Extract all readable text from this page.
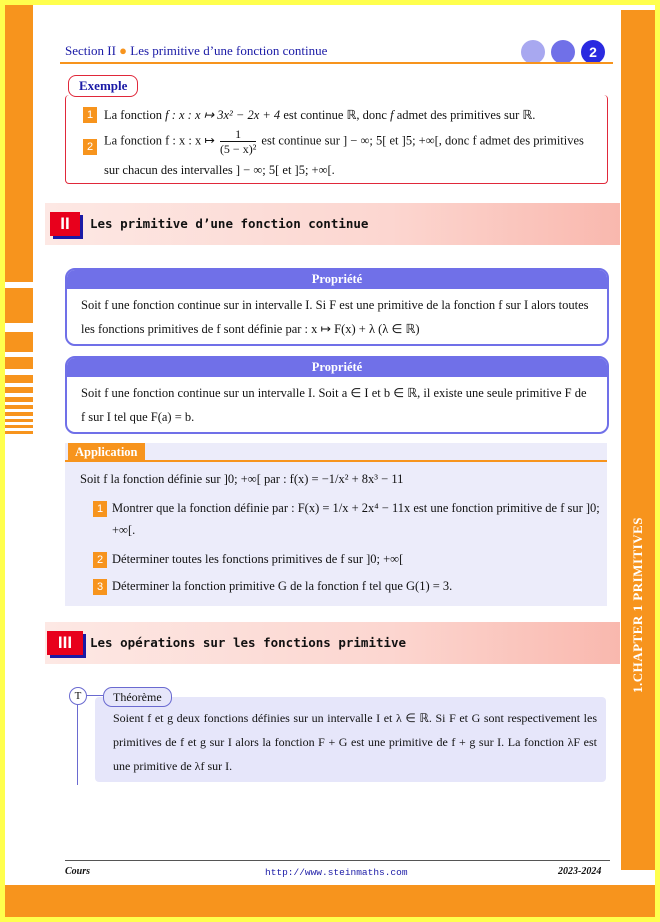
1.CHAPTER 1 PRIMITIVES
Section II ● Les primitive d’une fonction continue	2
Exemple
1 La fonction f : x : x ↦ 3x² − 2x + 4 est continue ℝ, donc f admet des primitives sur ℝ.
2 La fonction f : x : x ↦ $\frac{1}{\text{(5 − x)²}}$ est continue sur ] − ∞; 5[ et ]5; +∞[, donc f admet des primitives
sur chacun des intervalles ] − ∞; 5[ et ]5; +∞[.
II	Les primitive d’une fonction continue
Propriété
Soit f une fonction continue sur in intervalle I. Si F est une primitive de la fonction f sur I alors toutes les fonctions primitives de f sont définie par : x ↦ F(x) + λ (λ ∈ ℝ)
Propriété
Soit f une fonction continue sur un intervalle I. Soit a ∈ I et b ∈ ℝ, il existe une seule primitive F de f sur I tel que F(a) = b.
Application
Soit f la fonction définie sur ]0; +∞[ par : f(x) = −1/x² + 8x³ − 11
1 Montrer que la fonction définie par : F(x) = 1/x + 2x⁴ − 11x est une fonction primitive de f sur ]0; +∞[.
2 Déterminer toutes les fonctions primitives de f sur ]0; +∞[
3 Déterminer la fonction primitive G de la fonction f tel que G(1) = 3.
III	Les opérations sur les fonctions primitive
T	Théorème
Soient f et g deux fonctions définies sur un intervalle I et λ ∈ ℝ. Si F et G sont respectivement les primitives de f et g sur I alors la fonction F + G est une primitive de f + g sur I. La fonction λF est une primitive de λf sur I.
Cours	http://www.steinmaths.com	2023-2024
